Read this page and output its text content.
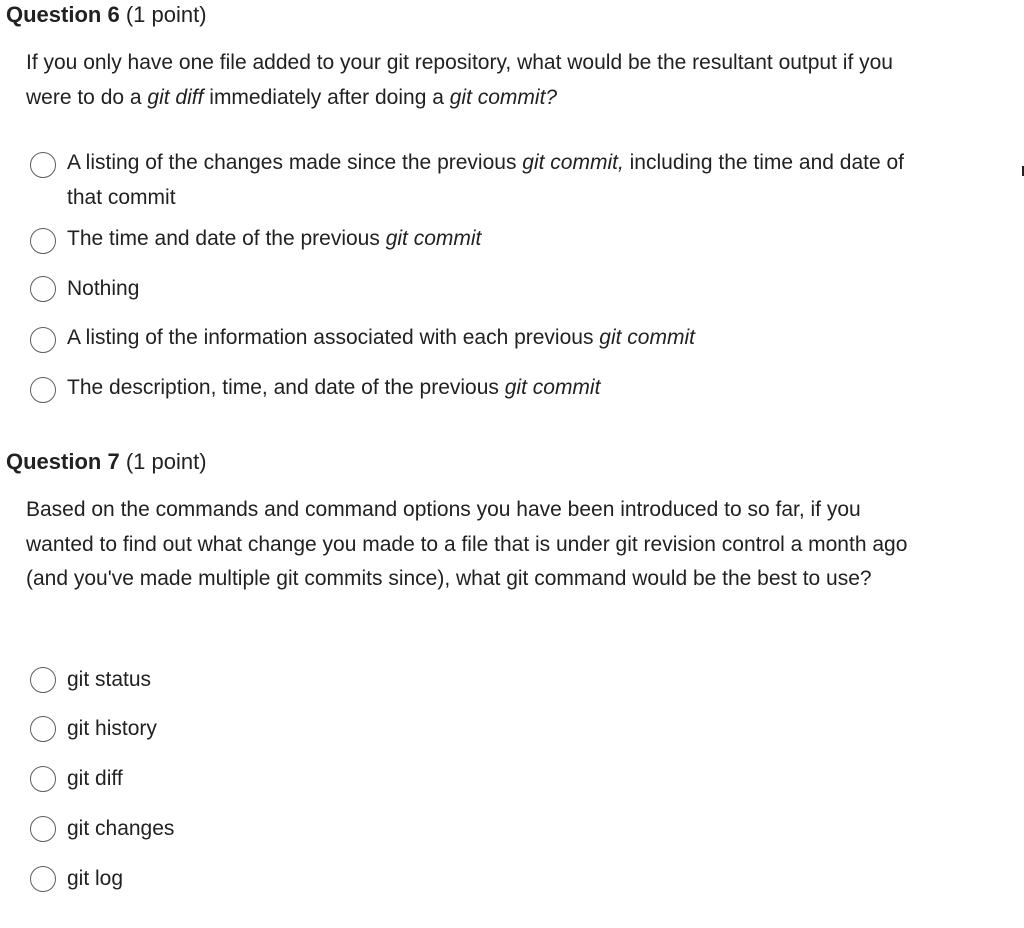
Question 6 (1 point)
If you only have one file added to your git repository, what would be the resultant output if you were to do a git diff immediately after doing a git commit?
A listing of the changes made since the previous git commit, including the time and date of that commit
The time and date of the previous git commit
Nothing
A listing of the information associated with each previous git commit
The description, time, and date of the previous git commit
Question 7 (1 point)
Based on the commands and command options you have been introduced to so far, if you wanted to find out what change you made to a file that is under git revision control a month ago (and you've made multiple git commits since), what git command would be the best to use?
git status
git history
git diff
git changes
git log
